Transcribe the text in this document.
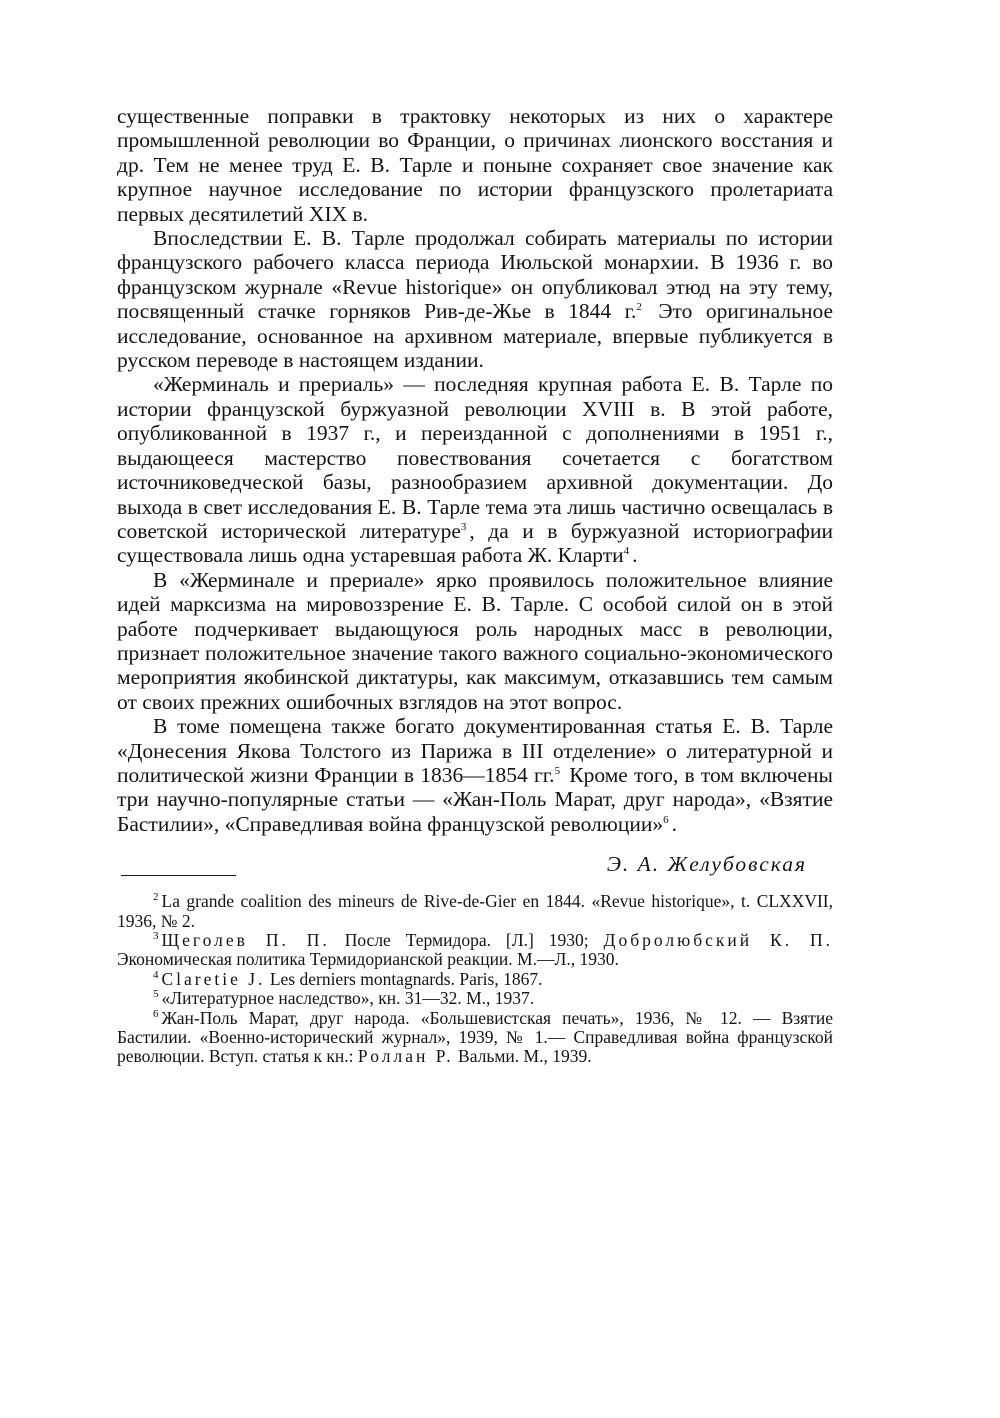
существенные поправки в трактовку некоторых из них о характере промышленной революции во Франции, о причинах лионского восстания и др. Тем не менее труд Е. В. Тарле и поныне сохраняет свое значение как крупное научное исследование по истории французского пролетариата первых десятилетий XIX в.

Впоследствии Е. В. Тарле продолжал собирать материалы по истории французского рабочего класса периода Июльской монархии. В 1936 г. во французском журнале «Revue historique» он опубликовал этюд на эту тему, посвященный стачке горняков Рив-де-Жье в 1844 г.$^2$ Это оригинальное исследование, основанное на архивном материале, впервые публикуется в русском переводе в настоящем издании.

«Жерминаль и прериаль» — последняя крупная работа Е. В. Тарле по истории французской буржуазной революции XVIII в. В этой работе, опубликованной в 1937 г., и переизданной с дополнениями в 1951 г., выдающееся мастерство повествования сочетается с богатством источниковедческой базы, разнообразием архивной документации. До выхода в свет исследования Е. В. Тарле тема эта лишь частично освещалась в советской исторической литературе$^3$ , да и в буржуазной историографии существовала лишь одна устаревшая работа Ж. Кларти$^4$ .

В «Жерминале и прериале» ярко проявилось положительное влияние идей марксизма на мировоззрение Е. В. Тарле. С особой силой он в этой работе подчеркивает выдающуюся роль народных масс в революции, признает положительное значение такого важного социально-экономического мероприятия якобинской диктатуры, как максимум, отказавшись тем самым от своих прежних ошибочных взглядов на этот вопрос.

В томе помещена также богато документированная статья Е. В. Тарле «Донесения Якова Толстого из Парижа в III отделение» о литературной и политической жизни Франции в 1836—1854 гг.$^5$ Кроме того, в том включены три научно-популярные статьи — «Жан-Поль Марат, друг народа», «Взятие Бастилии», «Справедливая война французской революции»$^6$ .

Э. А. Желубовская

$^2$ La grande coalition des mineurs de Rive-de-Gier en 1844. «Revue historique», t. CLXXVII, 1936, № 2.

$^3$ Щеголев П. П. После Термидора. [Л.] 1930; Добролюбский К. П. Экономическая политика Термидорианской реакции. М.—Л., 1930.

$^4$ Claretie J. Les derniers montagnards. Paris, 1867.

$^5$ «Литературное наследство», кн. 31—32. М., 1937.

$^6$ Жан-Поль Марат, друг народа. «Большевистская печать», 1936, № 12. — Взятие Бастилии. «Военно-исторический журнал», 1939, № 1.— Справедливая война французской революции. Вступ. статья к кн.: Роллан Р. Вальми. М., 1939.
